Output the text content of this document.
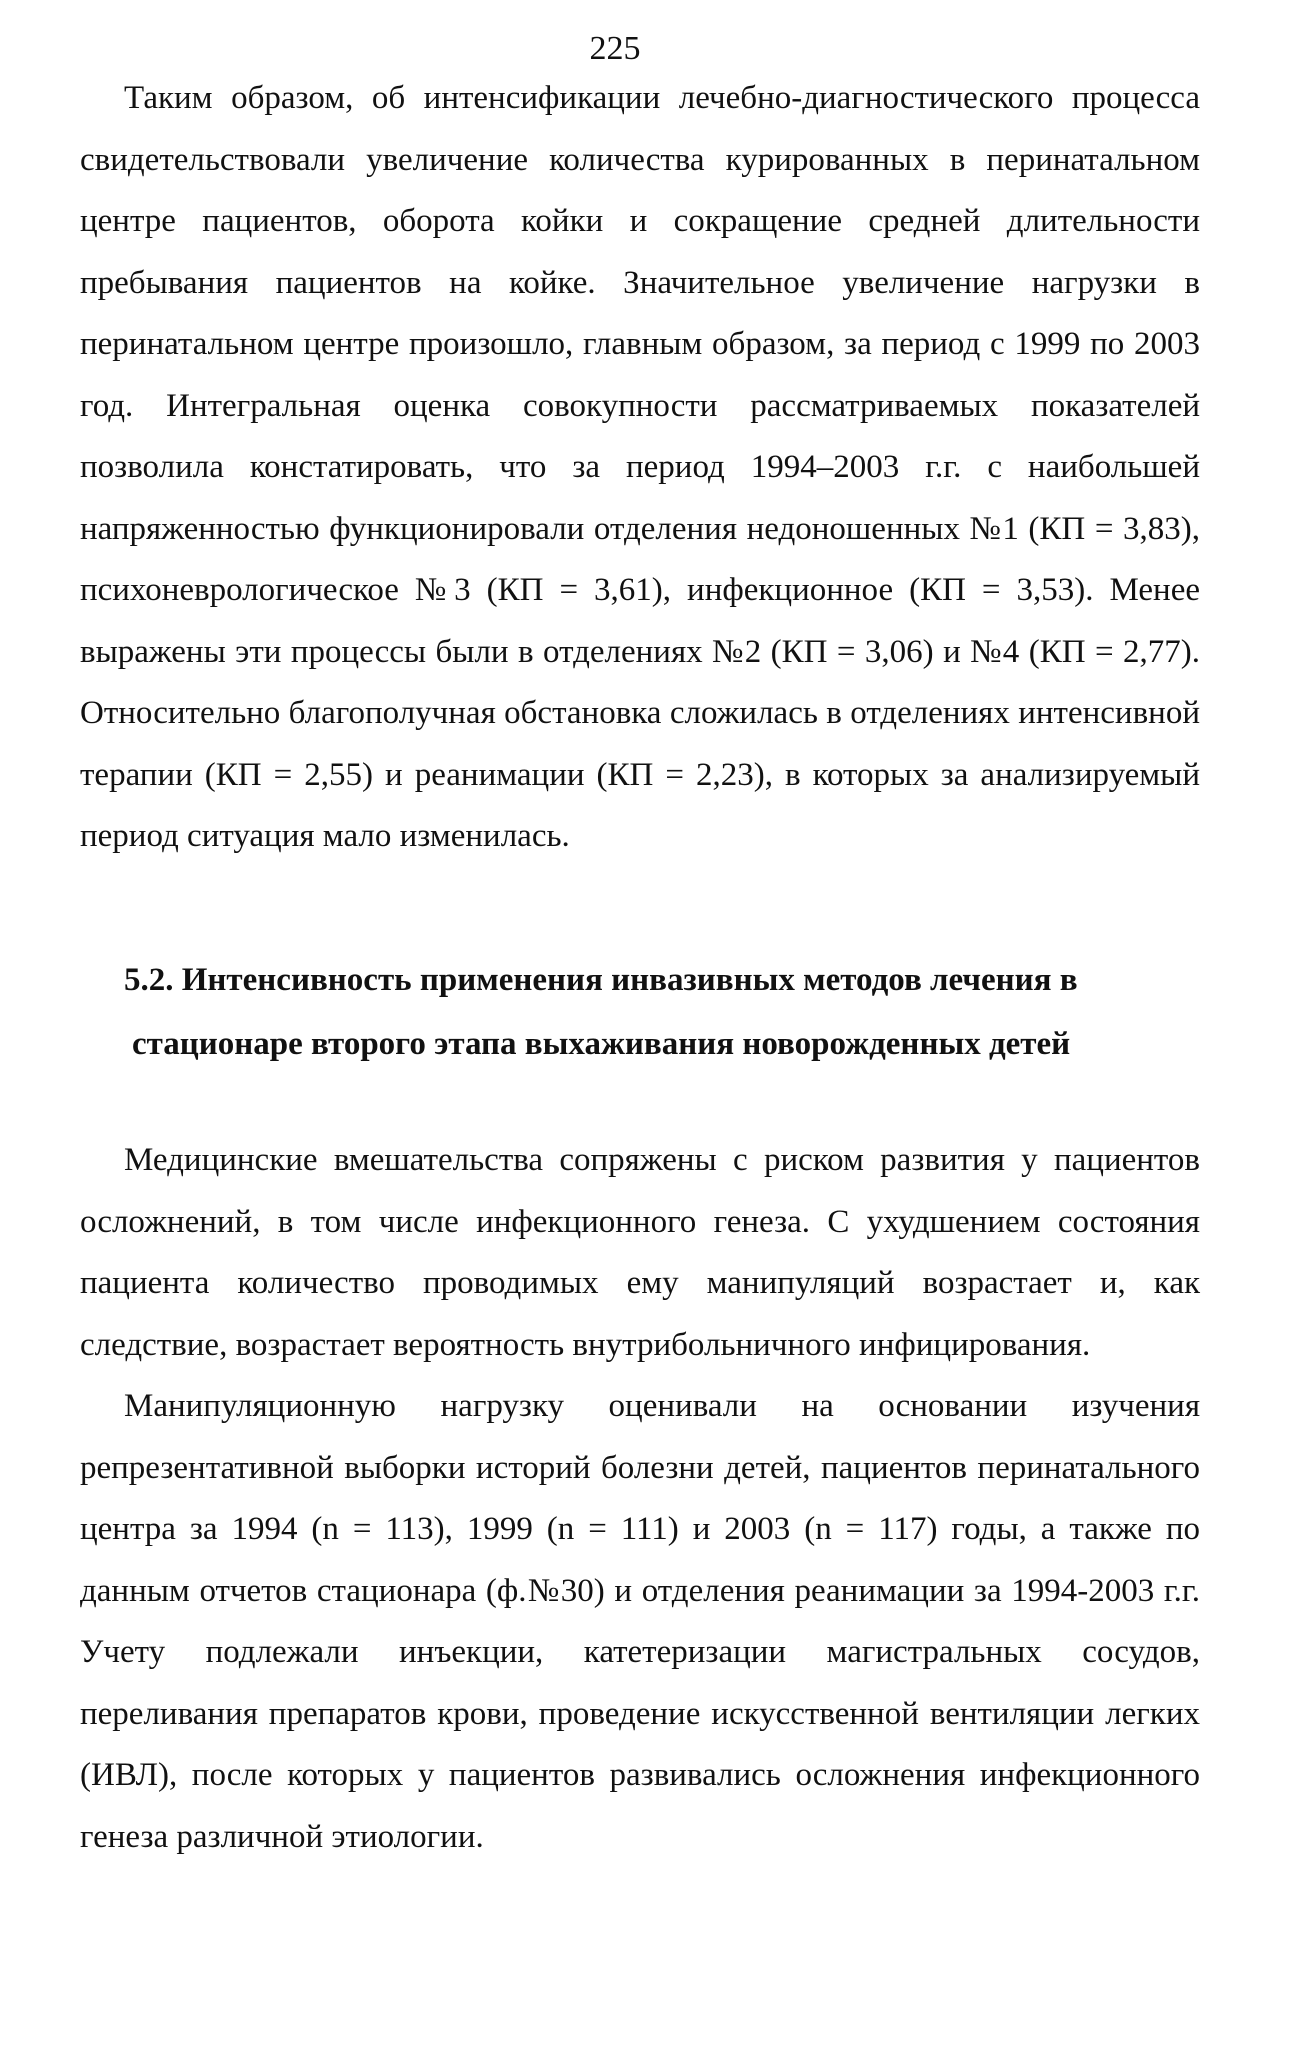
225

Таким образом, об интенсификации лечебно-диагностического процесса свидетельствовали увеличение количества курированных в перинатальном центре пациентов, оборота койки и сокращение средней длительности пребывания пациентов на койке. Значительное увеличение нагрузки в перинатальном центре произошло, главным образом, за период с 1999 по 2003 год. Интегральная оценка совокупности рассматриваемых показателей позволила констатировать, что за период 1994–2003 г.г. с наибольшей напряженностью функционировали отделения недоношенных №1 (КП = 3,83), психоневрологическое №3 (КП = 3,61), инфекционное (КП = 3,53). Менее выражены эти процессы были в отделениях №2 (КП = 3,06) и №4 (КП = 2,77). Относительно благополучная обстановка сложилась в отделениях интенсивной терапии (КП = 2,55) и реанимации (КП = 2,23), в которых за анализируемый период ситуация мало изменилась.

5.2. Интенсивность применения инвазивных методов лечения в
стационаре второго этапа выхаживания новорожденных детей

Медицинские вмешательства сопряжены с риском развития у пациентов осложнений, в том числе инфекционного генеза. С ухудшением состояния пациента количество проводимых ему манипуляций возрастает и, как следствие, возрастает вероятность внутрибольничного инфицирования.

Манипуляционную нагрузку оценивали на основании изучения репрезентативной выборки историй болезни детей, пациентов перинатального центра за 1994 (n = 113), 1999 (n = 111) и 2003 (n = 117) годы, а также по данным отчетов стационара (ф.№30) и отделения реанимации за 1994-2003 г.г. Учету подлежали инъекции, катетеризации магистральных сосудов, переливания препаратов крови, проведение искусственной вентиляции легких (ИВЛ), после которых у пациентов развивались осложнения инфекционного генеза различной этиологии.
